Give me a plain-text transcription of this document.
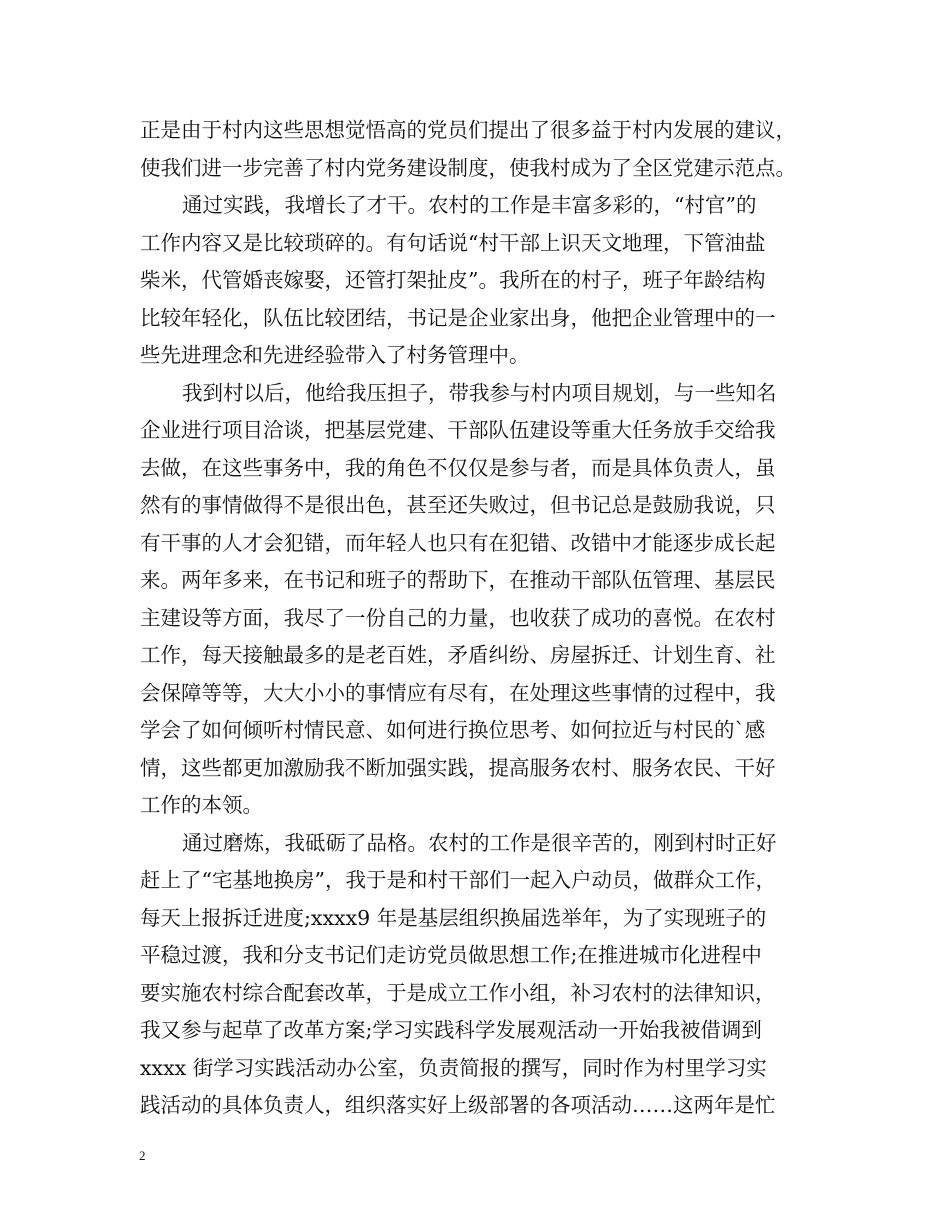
正是由于村内这些思想觉悟高的党员们提出了很多益于村内发展的建议，
使我们进一步完善了村内党务建设制度，使我村成为了全区党建示范点。
通过实践，我增长了才干。农村的工作是丰富多彩的，“村官”的
工作内容又是比较琐碎的。有句话说“村干部上识天文地理，下管油盐
柴米，代管婚丧嫁娶，还管打架扯皮”。我所在的村子，班子年龄结构
比较年轻化，队伍比较团结，书记是企业家出身，他把企业管理中的一
些先进理念和先进经验带入了村务管理中。
我到村以后，他给我压担子，带我参与村内项目规划，与一些知名
企业进行项目洽谈，把基层党建、干部队伍建设等重大任务放手交给我
去做，在这些事务中，我的角色不仅仅是参与者，而是具体负责人，虽
然有的事情做得不是很出色，甚至还失败过，但书记总是鼓励我说，只
有干事的人才会犯错，而年轻人也只有在犯错、改错中才能逐步成长起
来。两年多来，在书记和班子的帮助下，在推动干部队伍管理、基层民
主建设等方面，我尽了一份自己的力量，也收获了成功的喜悦。在农村
工作，每天接触最多的是老百姓，矛盾纠纷、房屋拆迁、计划生育、社
会保障等等，大大小小的事情应有尽有，在处理这些事情的过程中，我
学会了如何倾听村情民意、如何进行换位思考、如何拉近与村民的`感
情，这些都更加激励我不断加强实践，提高服务农村、服务农民、干好
工作的本领。
通过磨炼，我砥砺了品格。农村的工作是很辛苦的，刚到村时正好
赶上了“宅基地换房”，我于是和村干部们一起入户动员，做群众工作，
每天上报拆迁进度;xxxx9 年是基层组织换届选举年，为了实现班子的
平稳过渡，我和分支书记们走访党员做思想工作;在推进城市化进程中
要实施农村综合配套改革，于是成立工作小组，补习农村的法律知识，
我又参与起草了改革方案;学习实践科学发展观活动一开始我被借调到
xxxx 街学习实践活动办公室，负责简报的撰写，同时作为村里学习实
践活动的具体负责人，组织落实好上级部署的各项活动……这两年是忙
2
